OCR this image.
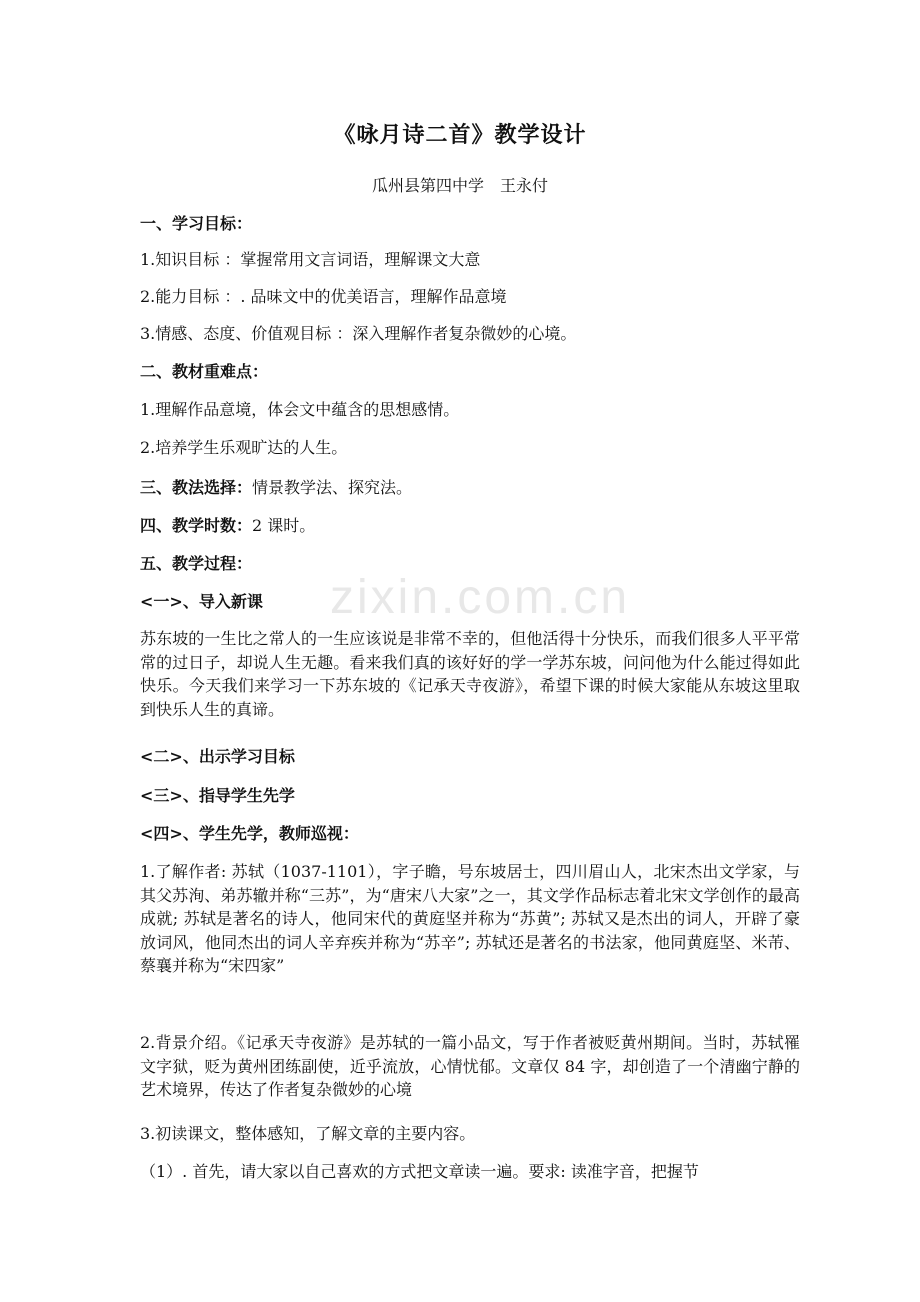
zixin.com.cn
《咏月诗二首》教学设计
瓜州县第四中学　王永付
一、学习目标：
1.知识目标 ：掌握常用文言词语，理解课文大意
2.能力目标 ：. 品味文中的优美语言，理解作品意境
3.情感、态度、价值观目标 ：深入理解作者复杂微妙的心境。
二、教材重难点：
1.理解作品意境，体会文中蕴含的思想感情。
2.培养学生乐观旷达的人生。
三、教法选择：情景教学法、探究法。
四、教学时数：2 课时。
五、教学过程：
<一>、导入新课
苏东坡的一生比之常人的一生应该说是非常不幸的，但他活得十分快乐，而我们很多人平平常常的过日子，却说人生无趣。看来我们真的该好好的学一学苏东坡，问问他为什么能过得如此快乐。今天我们来学习一下苏东坡的《记承天寺夜游》，希望下课的时候大家能从东坡这里取到快乐人生的真谛。
<二>、出示学习目标
<三>、指导学生先学
<四>、学生先学，教师巡视：
1.了解作者: 苏轼（1037-1101），字子瞻，号东坡居士，四川眉山人，北宋杰出文学家，与其父苏洵、弟苏辙并称“三苏”，为“唐宋八大家”之一，其文学作品标志着北宋文学创作的最高成就; 苏轼是著名的诗人，他同宋代的黄庭坚并称为“苏黄”; 苏轼又是杰出的词人，开辟了豪放词风，他同杰出的词人辛弃疾并称为“苏辛”; 苏轼还是著名的书法家，他同黄庭坚、米芾、蔡襄并称为“宋四家”
2.背景介绍。《记承天寺夜游》是苏轼的一篇小品文，写于作者被贬黄州期间。当时，苏轼罹文字狱，贬为黄州团练副使，近乎流放，心情忧郁。文章仅 84 字，却创造了一个清幽宁静的艺术境界，传达了作者复杂微妙的心境
3.初读课文，整体感知，了解文章的主要内容。
（1）. 首先，请大家以自己喜欢的方式把文章读一遍。要求: 读准字音，把握节
